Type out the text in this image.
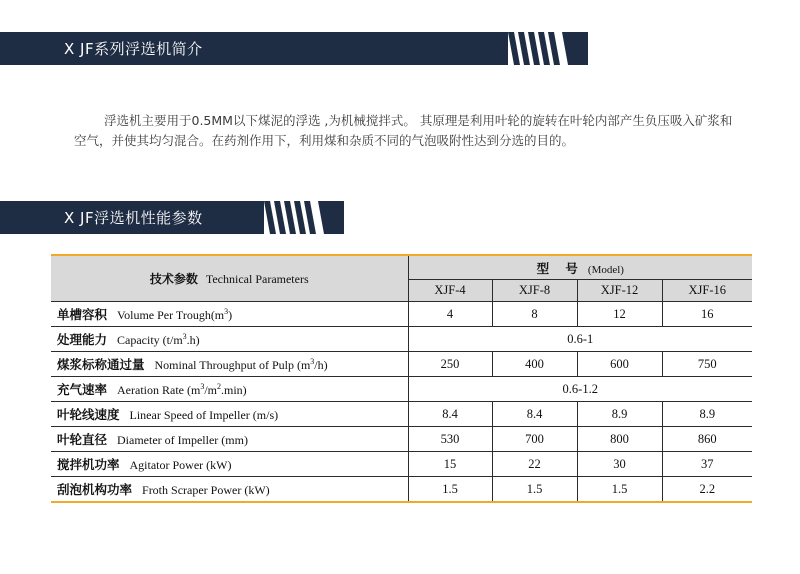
X JF系列浮选机简介

浮选机主要用于0.5MM以下煤泥的浮选 ,为机械搅拌式。 其原理是利用叶轮的旋转在叶轮内部产生负压吸入矿浆和空气，并使其均匀混合。在药剂作用下，利用煤和杂质不同的气泡吸附性达到分选的目的。

X JF浮选机性能参数
技术参数 Technical Parameters	型 号 (Model)			
	XJF-4	XJF-8	XJF-12	XJF-16
单槽容积 Volume Per $Trough(m^3)$	4	8	12	16
处理能力 Capacity $(t/m^3.h)$	0.6-1			
煤浆标称通过量 Nominal Throughput of Pulp $(m^3/h)$	250	400	600	750
充气速率 Aeration Rate $(m^3/m^2.\min)$	0.6-1.2			
叶轮线速度 Linear Speed of Impeller (m/s)	8.4	8.4	8.9	8.9
叶轮直径 Diameter of Impeller (mm)	530	700	800	860
搅拌机功率 Agitator Power (kW)	15	22	30	37
刮泡机构功率 Froth Scraper Power (kW)	1.5	1.5	1.5	2.2
